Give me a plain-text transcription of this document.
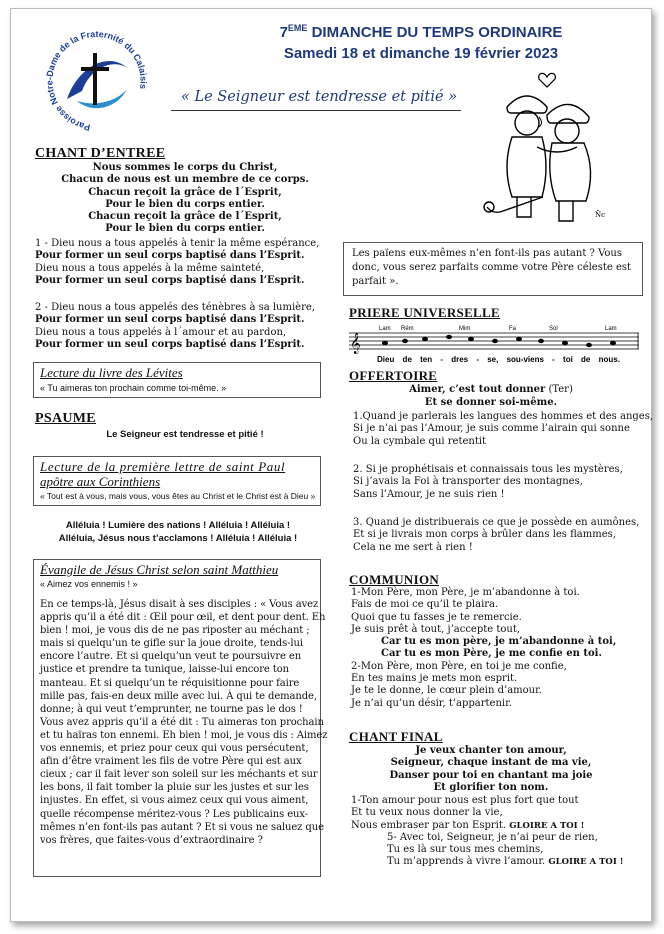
Paroisse Notre-Dame de la Fraternité du Calaisis
7EME DIMANCHE DU TEMPS ORDINAIRE
Samedi 18 et dimanche 19 février 2023
« Le Seigneur est tendresse et pitié »
Ñc
CHANT D’ENTREE
Nous sommes le corps du Christ,
Chacun de nous est un membre de ce corps.
Chacun reçoit la grâce de l´Esprit,
Pour le bien du corps entier.
Chacun reçoit la grâce de l´Esprit,
Pour le bien du corps entier.
1 - Dieu nous a tous appelés à tenir la même espérance,
Pour former un seul corps baptisé dans l’Esprit.
Dieu nous a tous appelés à la même sainteté,
Pour former un seul corps baptisé dans l’Esprit.
2 - Dieu nous a tous appelés des ténèbres à sa lumière,
Pour former un seul corps baptisé dans l’Esprit.
Dieu nous a tous appelés à l´amour et au pardon,
Pour former un seul corps baptisé dans l’Esprit.
Lecture du livre des Lévites
« Tu aimeras ton prochain comme toi-même. »
PSAUME
Le Seigneur est tendresse et pitié !
Lecture de la première lettre de saint Paul
apôtre aux Corinthiens
« Tout est à vous, mais vous, vous êtes au Christ et le Christ est à Dieu »
Alléluia ! Lumière des nations ! Alléluia ! Alléluia !
Alléluia, Jésus nous t’acclamons ! Alléluia ! Alléluia !
Évangile de Jésus Christ selon saint Matthieu
« Aimez vos ennemis ! »
En ce temps-là, Jésus disait à ses disciples : « Vous avez
appris qu’il a été dit : Œil pour œil, et dent pour dent. Eh
bien ! moi, je vous dis de ne pas riposter au méchant ;
mais si quelqu’un te gifle sur la joue droite, tends-lui
encore l’autre. Et si quelqu’un veut te poursuivre en
justice et prendre ta tunique, laisse-lui encore ton
manteau. Et si quelqu’un te réquisitionne pour faire
mille pas, fais-en deux mille avec lui. À qui te demande,
donne; à qui veut t’emprunter, ne tourne pas le dos !
Vous avez appris qu’il a été dit : Tu aimeras ton prochain
et tu haïras ton ennemi. Eh bien ! moi, je vous dis : Aimez
vos ennemis, et priez pour ceux qui vous persécutent,
afin d’être vraiment les fils de votre Père qui est aux
cieux ; car il fait lever son soleil sur les méchants et sur
les bons, il fait tomber la pluie sur les justes et sur les
injustes. En effet, si vous aimez ceux qui vous aiment,
quelle récompense méritez-vous ? Les publicains eux-
mêmes n’en font-ils pas autant ? Et si vous ne saluez que
vos frères, que faites-vous d’extraordinaire ?
Les païens eux-mêmes n’en font-ils pas autant ? Vous
donc, vous serez parfaits comme votre Père céleste est
parfait ».
PRIERE UNIVERSELLE
𝄞
Lam Rém	Mim	Fa	Sol	Lam
Dieu de ten - dres - se, sou-viens - toi de nous.
OFFERTOIRE
Aimer, c’est tout donner (Ter)
Et se donner soi-même.
1.Quand je parlerais les langues des hommes et des anges,
Si je n’ai pas l’Amour, je suis comme l’airain qui sonne
Ou la cymbale qui retentit
2. Si je prophétisais et connaissais tous les mystères,
Si j’avais la Foi à transporter des montagnes,
Sans l’Amour, je ne suis rien !
3. Quand je distribuerais ce que je possède en aumônes,
Et si je livrais mon corps à brûler dans les flammes,
Cela ne me sert à rien !
COMMUNION
1-Mon Père, mon Père, je m’abandonne à toi.
Fais de moi ce qu’il te plaira.
Quoi que tu fasses je te remercie.
Je suis prêt à tout, j’accepte tout,
Car tu es mon père, je m’abandonne à toi,
Car tu es mon Père, je me confie en toi.
2-Mon Père, mon Père, en toi je me confie,
En tes mains je mets mon esprit.
Je te le donne, le cœur plein d’amour.
Je n’ai qu’un désir, t’appartenir.
CHANT FINAL
Je veux chanter ton amour,
Seigneur, chaque instant de ma vie,
Danser pour toi en chantant ma joie
Et glorifier ton nom.
1-Ton amour pour nous est plus fort que tout
Et tu veux nous donner la vie,
Nous embraser par ton Esprit. GLOIRE A TOI !
5- Avec toi, Seigneur, je n’ai peur de rien,
Tu es là sur tous mes chemins,
Tu m’apprends à vivre l’amour. GLOIRE A TOI !
